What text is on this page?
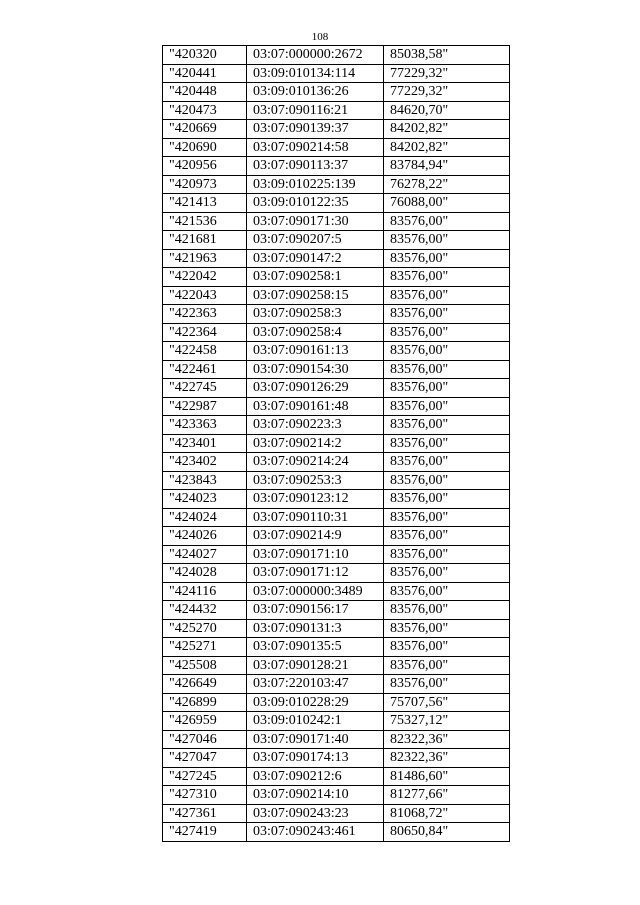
108
"420320	03:07:000000:2672	85038,58"
"420441	03:09:010134:114	77229,32"
"420448	03:09:010136:26	77229,32"
"420473	03:07:090116:21	84620,70"
"420669	03:07:090139:37	84202,82"
"420690	03:07:090214:58	84202,82"
"420956	03:07:090113:37	83784,94"
"420973	03:09:010225:139	76278,22"
"421413	03:09:010122:35	76088,00"
"421536	03:07:090171:30	83576,00"
"421681	03:07:090207:5	83576,00"
"421963	03:07:090147:2	83576,00"
"422042	03:07:090258:1	83576,00"
"422043	03:07:090258:15	83576,00"
"422363	03:07:090258:3	83576,00"
"422364	03:07:090258:4	83576,00"
"422458	03:07:090161:13	83576,00"
"422461	03:07:090154:30	83576,00"
"422745	03:07:090126:29	83576,00"
"422987	03:07:090161:48	83576,00"
"423363	03:07:090223:3	83576,00"
"423401	03:07:090214:2	83576,00"
"423402	03:07:090214:24	83576,00"
"423843	03:07:090253:3	83576,00"
"424023	03:07:090123:12	83576,00"
"424024	03:07:090110:31	83576,00"
"424026	03:07:090214:9	83576,00"
"424027	03:07:090171:10	83576,00"
"424028	03:07:090171:12	83576,00"
"424116	03:07:000000:3489	83576,00"
"424432	03:07:090156:17	83576,00"
"425270	03:07:090131:3	83576,00"
"425271	03:07:090135:5	83576,00"
"425508	03:07:090128:21	83576,00"
"426649	03:07:220103:47	83576,00"
"426899	03:09:010228:29	75707,56"
"426959	03:09:010242:1	75327,12"
"427046	03:07:090171:40	82322,36"
"427047	03:07:090174:13	82322,36"
"427245	03:07:090212:6	81486,60"
"427310	03:07:090214:10	81277,66"
"427361	03:07:090243:23	81068,72"
"427419	03:07:090243:461	80650,84"
